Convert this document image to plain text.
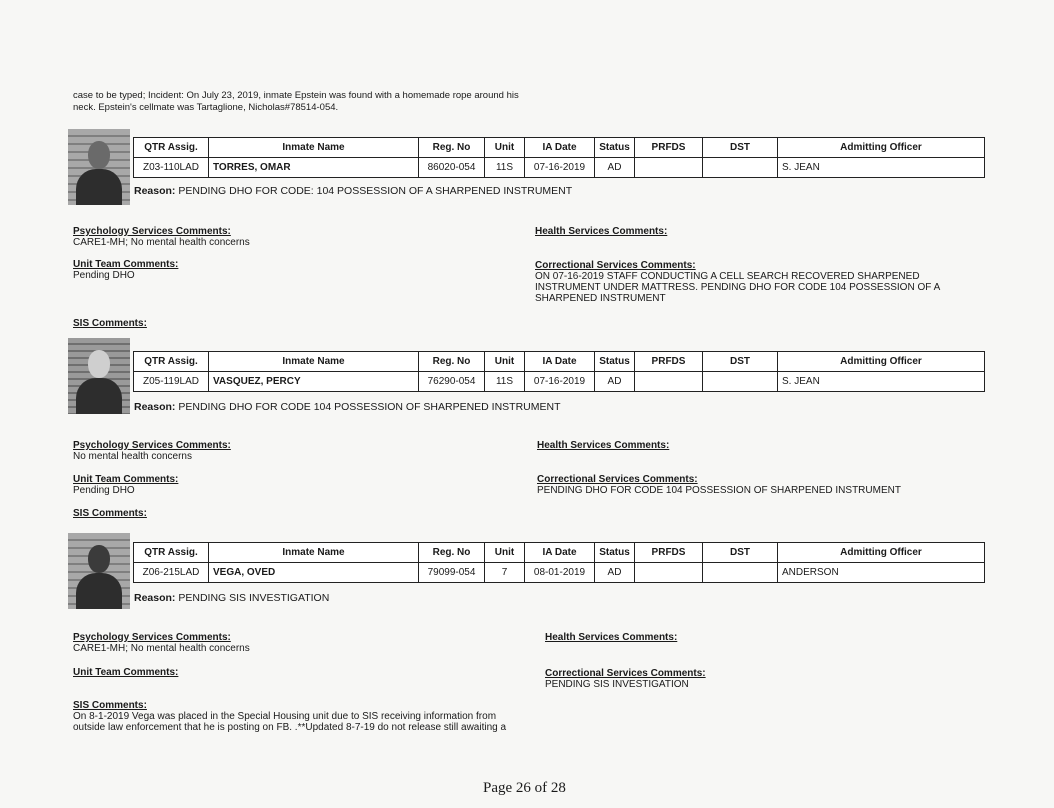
case to be typed; Incident: On July 23, 2019, inmate Epstein was found with a homemade rope around his neck. Epstein's cellmate was Tartaglione, Nicholas#78514-054.
QTR Assig.	Inmate Name	Reg. No	Unit	IA Date	Status	PRFDS	DST	Admitting Officer
Z03-110LAD	TORRES, OMAR	86020-054	11S	07-16-2019	AD			S. JEAN
Reason: PENDING DHO FOR CODE: 104 POSSESSION OF A SHARPENED INSTRUMENT
Psychology Services Comments:
CARE1-MH; No mental health concerns
Unit Team Comments:
Pending DHO
SIS Comments:
Health Services Comments:
Correctional Services Comments:
ON 07-16-2019 STAFF CONDUCTING A CELL SEARCH RECOVERED SHARPENED INSTRUMENT UNDER MATTRESS. PENDING DHO FOR CODE 104 POSSESSION OF A SHARPENED INSTRUMENT
QTR Assig.	Inmate Name	Reg. No	Unit	IA Date	Status	PRFDS	DST	Admitting Officer
Z05-119LAD	VASQUEZ, PERCY	76290-054	11S	07-16-2019	AD			S. JEAN
Reason: PENDING DHO FOR CODE 104 POSSESSION OF SHARPENED INSTRUMENT
Psychology Services Comments:
No mental health concerns
Unit Team Comments:
Pending DHO
SIS Comments:
Health Services Comments:
Correctional Services Comments:
PENDING DHO FOR CODE 104 POSSESSION OF SHARPENED INSTRUMENT
QTR Assig.	Inmate Name	Reg. No	Unit	IA Date	Status	PRFDS	DST	Admitting Officer
Z06-215LAD	VEGA, OVED	79099-054	7	08-01-2019	AD			ANDERSON
Reason: PENDING SIS INVESTIGATION
Psychology Services Comments:
CARE1-MH; No mental health concerns
Unit Team Comments:
SIS Comments:
On 8-1-2019 Vega was placed in the Special Housing unit due to SIS receiving information from outside law enforcement that he is posting on FB. .**Updated 8-7-19 do not release still awaiting a
Health Services Comments:
Correctional Services Comments:
PENDING SIS INVESTIGATION
Page 26 of 28
